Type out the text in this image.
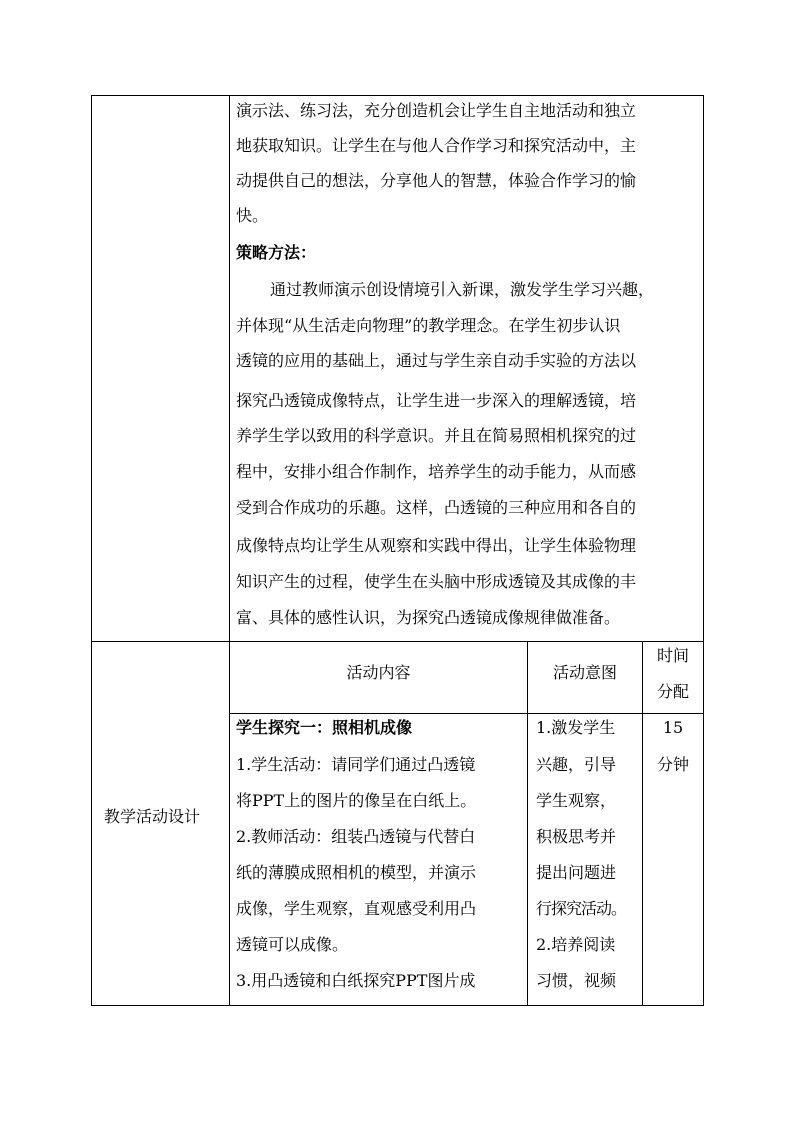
演示法、练习法，充分创造机会让学生自主地活动和独立
地获取知识。让学生在与他人合作学习和探究活动中，主
动提供自己的想法，分享他人的智慧，体验合作学习的愉
快。
策略方法：
通过教师演示创设情境引入新课，激发学生学习兴趣，
并体现“从生活走向物理”的教学理念。在学生初步认识
透镜的应用的基础上，通过与学生亲自动手实验的方法以
探究凸透镜成像特点，让学生进一步深入的理解透镜，培
养学生学以致用的科学意识。并且在简易照相机探究的过
程中，安排小组合作制作，培养学生的动手能力，从而感
受到合作成功的乐趣。这样，凸透镜的三种应用和各自的
成像特点均让学生从观察和实践中得出，让学生体验物理
知识产生的过程，使学生在头脑中形成透镜及其成像的丰
富、具体的感性认识，为探究凸透镜成像规律做准备。
教学活动设计
活动内容	活动意图
时间
分配
学生探究一：照相机成像
1.学生活动：请同学们通过凸透镜
将PPT上的图片的像呈在白纸上。
2.教师活动：组装凸透镜与代替白
纸的薄膜成照相机的模型，并演示
成像，学生观察，直观感受利用凸
透镜可以成像。
3.用凸透镜和白纸探究PPT图片成
1.激发学生
兴趣，引导
学生观察，
积极思考并
提出问题进
行探究活动。
2.培养阅读
习惯，视频
15
分钟
